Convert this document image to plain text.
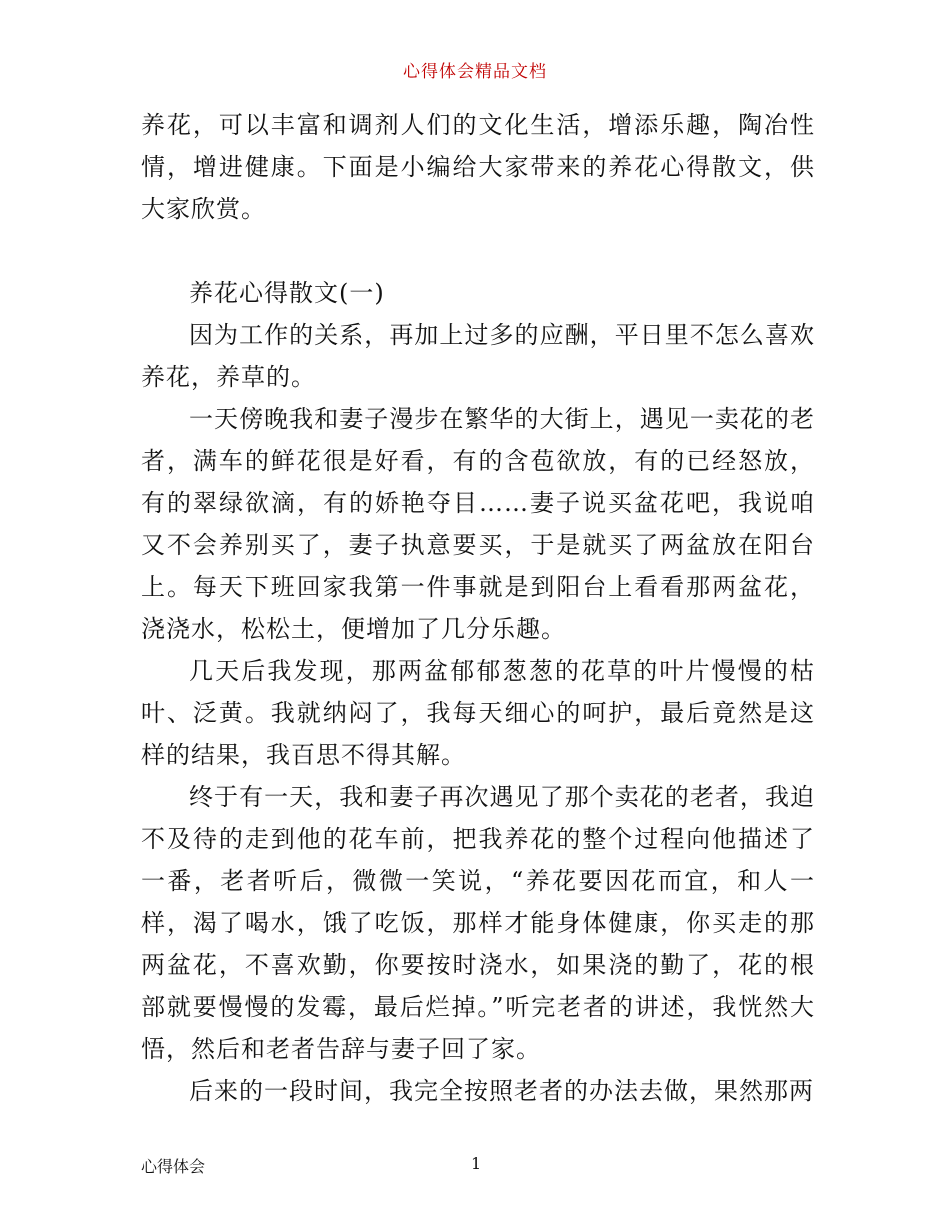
心得体会精品文档

养花，可以丰富和调剂人们的文化生活，增添乐趣，陶冶性情，增进健康。下面是小编给大家带来的养花心得散文，供大家欣赏。

养花心得散文(一)

因为工作的关系，再加上过多的应酬，平日里不怎么喜欢养花，养草的。

一天傍晚我和妻子漫步在繁华的大街上，遇见一卖花的老者，满车的鲜花很是好看，有的含苞欲放，有的已经怒放，有的翠绿欲滴，有的娇艳夺目……妻子说买盆花吧，我说咱又不会养别买了，妻子执意要买，于是就买了两盆放在阳台上。每天下班回家我第一件事就是到阳台上看看那两盆花，浇浇水，松松土，便增加了几分乐趣。

几天后我发现，那两盆郁郁葱葱的花草的叶片慢慢的枯叶、泛黄。我就纳闷了，我每天细心的呵护，最后竟然是这样的结果，我百思不得其解。

终于有一天，我和妻子再次遇见了那个卖花的老者，我迫不及待的走到他的花车前，把我养花的整个过程向他描述了一番，老者听后，微微一笑说，“养花要因花而宜，和人一样，渴了喝水，饿了吃饭，那样才能身体健康，你买走的那两盆花，不喜欢勤，你要按时浇水，如果浇的勤了，花的根部就要慢慢的发霉，最后烂掉。”听完老者的讲述，我恍然大悟，然后和老者告辞与妻子回了家。

后来的一段时间，我完全按照老者的办法去做，果然那两

心得体会	1
